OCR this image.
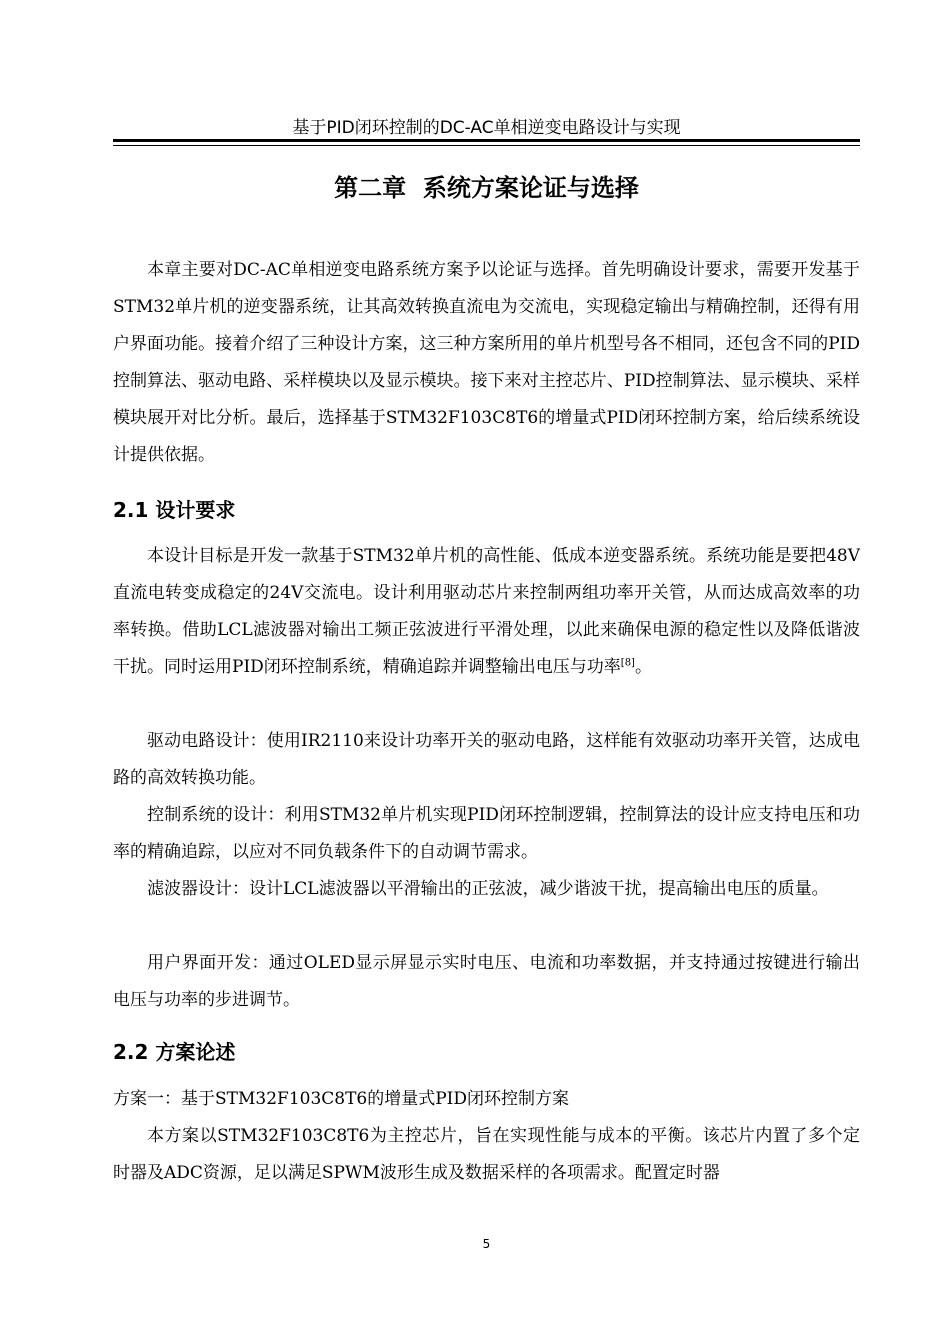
基于PID闭环控制的DC-AC单相逆变电路设计与实现
第二章  系统方案论证与选择

本章主要对DC-AC单相逆变电路系统方案予以论证与选择。首先明确设计要求，需要开发基于STM32单片机的逆变器系统，让其高效转换直流电为交流电，实现稳定输出与精确控制，还得有用户界面功能。接着介绍了三种设计方案，这三种方案所用的单片机型号各不相同，还包含不同的PID控制算法、驱动电路、采样模块以及显示模块。接下来对主控芯片、PID控制算法、显示模块、采样模块展开对比分析。最后，选择基于STM32F103C8T6的增量式PID闭环控制方案，给后续系统设计提供依据。

2.1 设计要求

本设计目标是开发一款基于STM32单片机的高性能、低成本逆变器系统。系统功能是要把48V直流电转变成稳定的24V交流电。设计利用驱动芯片来控制两组功率开关管，从而达成高效率的功率转换。借助LCL滤波器对输出工频正弦波进行平滑处理，以此来确保电源的稳定性以及降低谐波干扰。同时运用PID闭环控制系统，精确追踪并调整输出电压与功率[8]。

驱动电路设计：使用IR2110来设计功率开关的驱动电路，这样能有效驱动功率开关管，达成电路的高效转换功能。

控制系统的设计：利用STM32单片机实现PID闭环控制逻辑，控制算法的设计应支持电压和功率的精确追踪，以应对不同负载条件下的自动调节需求。

滤波器设计：设计LCL滤波器以平滑输出的正弦波，减少谐波干扰，提高输出电压的质量。

用户界面开发：通过OLED显示屏显示实时电压、电流和功率数据，并支持通过按键进行输出电压与功率的步进调节。

2.2 方案论述

方案一：基于STM32F103C8T6的增量式PID闭环控制方案

本方案以STM32F103C8T6为主控芯片，旨在实现性能与成本的平衡。该芯片内置了多个定时器及ADC资源，足以满足SPWM波形生成及数据采样的各项需求。配置定时器

5
